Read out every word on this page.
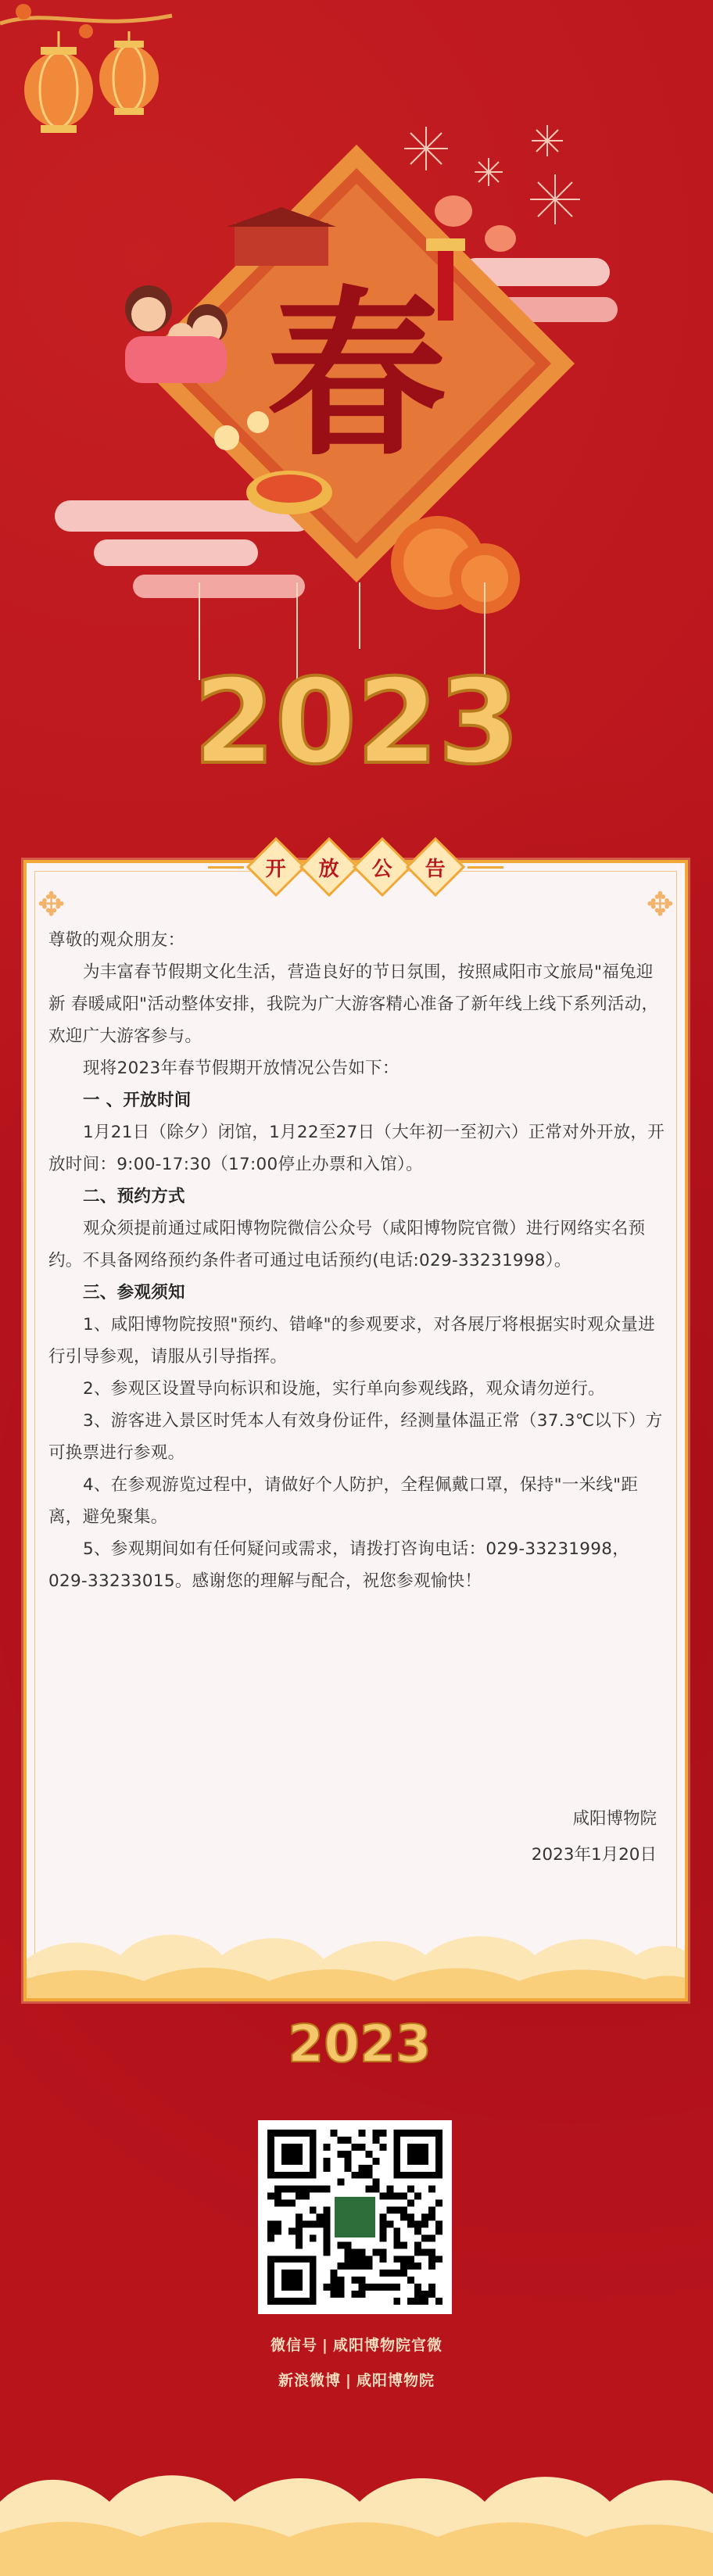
春
2023
开 放 公 告
✥	✥

尊敬的观众朋友：

为丰富春节假期文化生活，营造良好的节日氛围，按照咸阳市文旅局"福兔迎新 春暖咸阳"活动整体安排，我院为广大游客精心准备了新年线上线下系列活动，欢迎广大游客参与。

现将2023年春节假期开放情况公告如下：

一 、开放时间

1月21日（除夕）闭馆，1月22至27日（大年初一至初六）正常对外开放，开放时间：9:00-17:30（17:00停止办票和入馆）。

二、预约方式

观众须提前通过咸阳博物院微信公众号（咸阳博物院官微）进行网络实名预约。不具备网络预约条件者可通过电话预约(电话:029-33231998）。

三、参观须知

1、咸阳博物院按照"预约、错峰"的参观要求，对各展厅将根据实时观众量进行引导参观，请服从引导指挥。

2、参观区设置导向标识和设施，实行单向参观线路，观众请勿逆行。

3、游客进入景区时凭本人有效身份证件，经测量体温正常（37.3℃以下）方可换票进行参观。

4、在参观游览过程中，请做好个人防护，全程佩戴口罩，保持"一米线"距离，避免聚集。

5、参观期间如有任何疑问或需求，请拨打咨询电话：029-33231998，029-33233015。感谢您的理解与配合，祝您参观愉快！

咸阳博物院
2023年1月20日
2023
微信号 | 咸阳博物院官微
新浪微博 | 咸阳博物院
